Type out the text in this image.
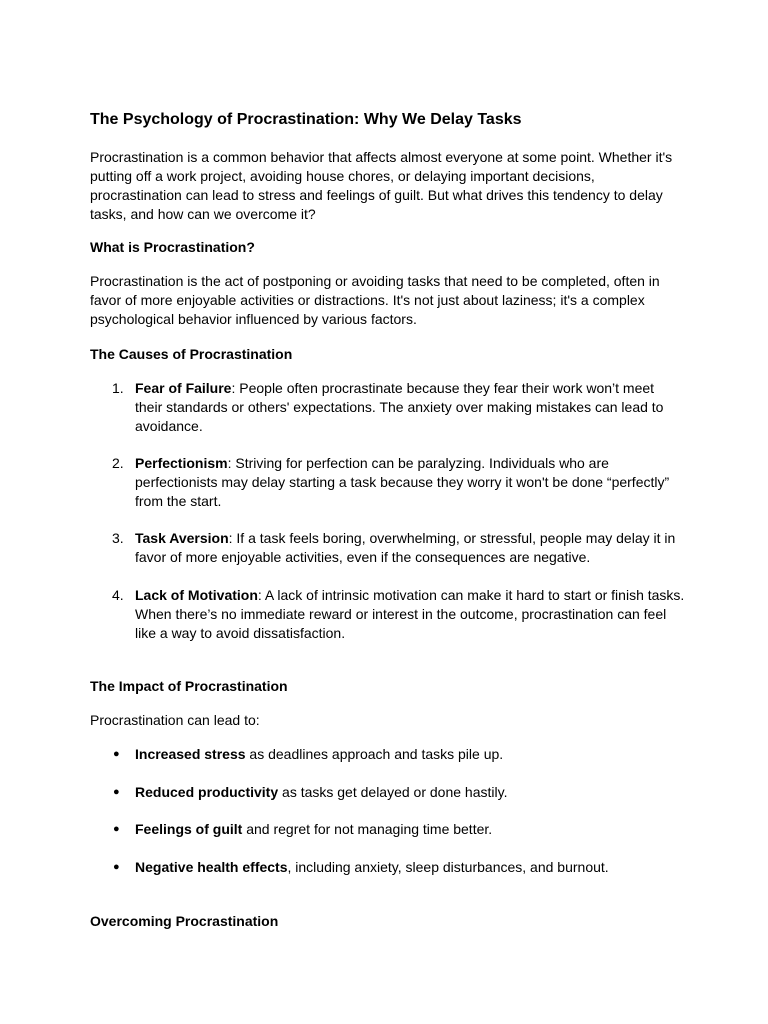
The Psychology of Procrastination: Why We Delay Tasks

Procrastination is a common behavior that affects almost everyone at some point. Whether it's putting off a work project, avoiding house chores, or delaying important decisions, procrastination can lead to stress and feelings of guilt. But what drives this tendency to delay tasks, and how can we overcome it?

What is Procrastination?

Procrastination is the act of postponing or avoiding tasks that need to be completed, often in favor of more enjoyable activities or distractions. It's not just about laziness; it's a complex psychological behavior influenced by various factors.

The Causes of Procrastination

1. Fear of Failure: People often procrastinate because they fear their work won’t meet their standards or others' expectations. The anxiety over making mistakes can lead to avoidance.
2. Perfectionism: Striving for perfection can be paralyzing. Individuals who are perfectionists may delay starting a task because they worry it won't be done “perfectly” from the start.
3. Task Aversion: If a task feels boring, overwhelming, or stressful, people may delay it in favor of more enjoyable activities, even if the consequences are negative.
4. Lack of Motivation: A lack of intrinsic motivation can make it hard to start or finish tasks. When there’s no immediate reward or interest in the outcome, procrastination can feel like a way to avoid dissatisfaction.

The Impact of Procrastination

Procrastination can lead to:

● Increased stress as deadlines approach and tasks pile up.
● Reduced productivity as tasks get delayed or done hastily.
● Feelings of guilt and regret for not managing time better.
● Negative health effects, including anxiety, sleep disturbances, and burnout.

Overcoming Procrastination
